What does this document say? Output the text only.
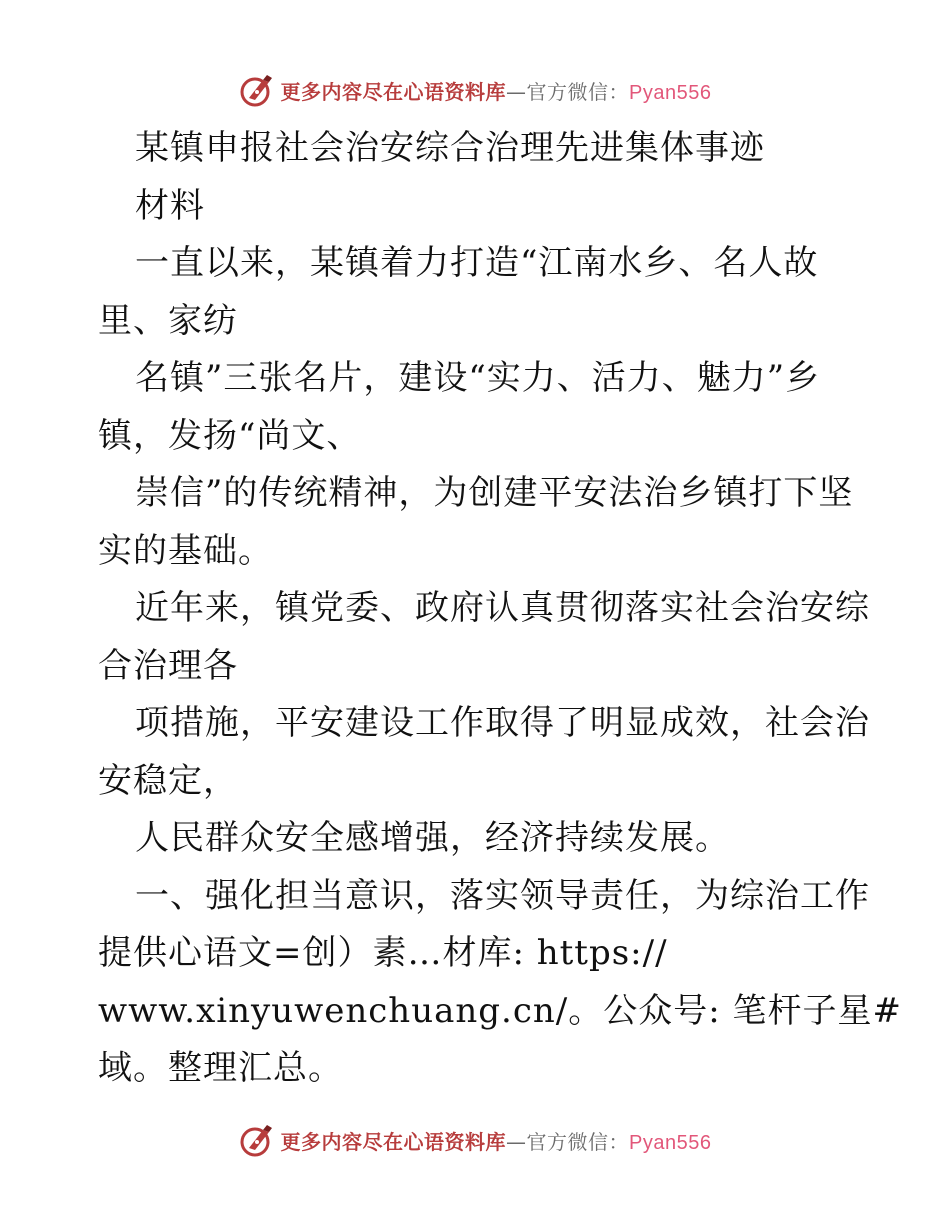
更多内容尽在心语资料库—官方微信：Pyan556
某镇申报社会治安综合治理先进集体事迹
材料
一直以来，某镇着力打造“江南水乡、名人故
里、家纺
名镇”三张名片，建设“实力、活力、魅力”乡
镇，发扬“尚文、
崇信”的传统精神，为创建平安法治乡镇打下坚
实的基础。
近年来，镇党委、政府认真贯彻落实社会治安综
合治理各
项措施，平安建设工作取得了明显成效，社会治
安稳定，
人民群众安全感增强，经济持续发展。
一、强化担当意识，落实领导责任，为综治工作
提供心语文=创）素…材库: https://
www.xinyuwenchuang.cn/。公众号: 笔杆子星#
域。整理汇总。
更多内容尽在心语资料库—官方微信：Pyan556
